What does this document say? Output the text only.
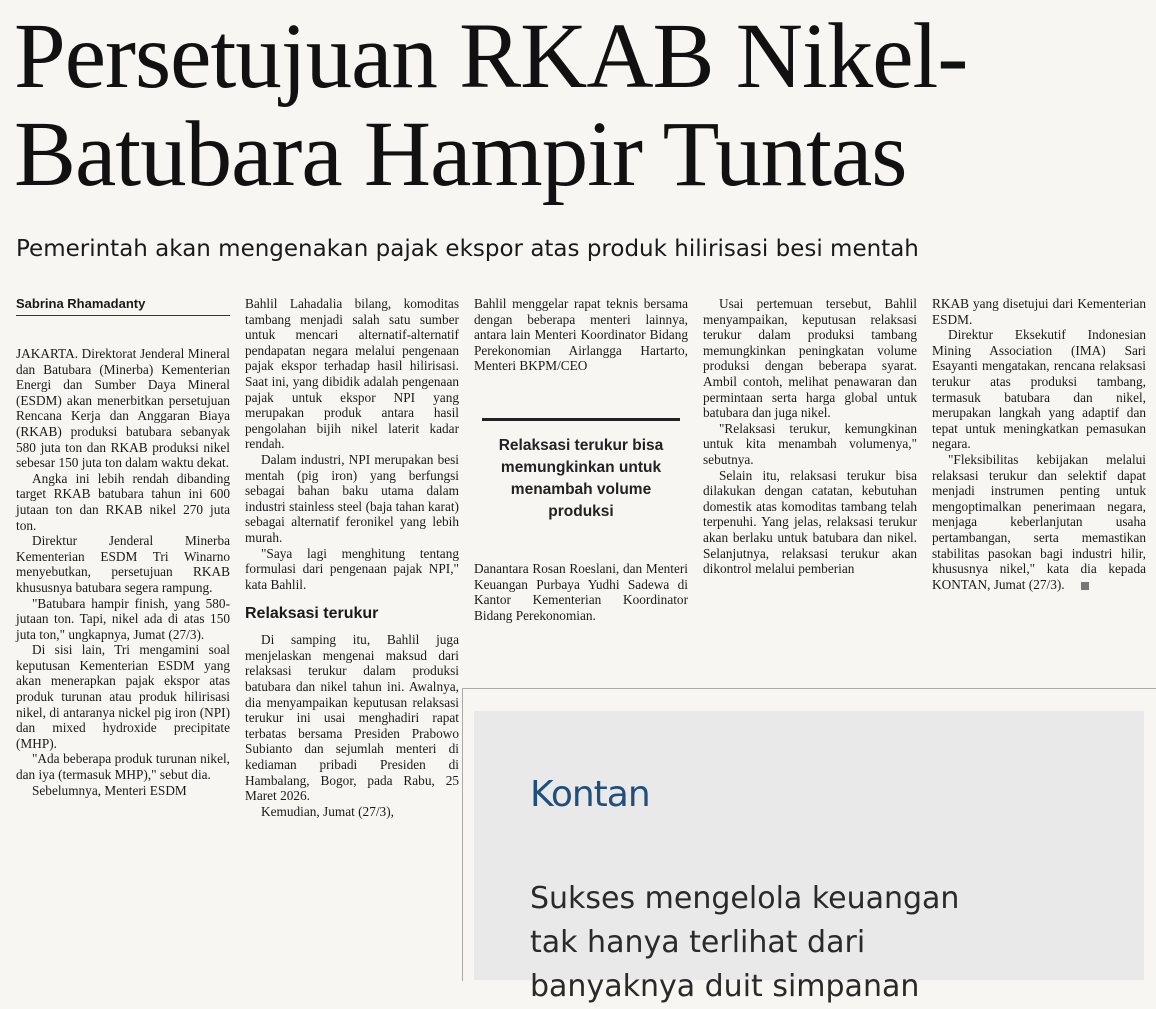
Persetujuan RKAB Nikel-
Batubara Hampir Tuntas
Pemerintah akan mengenakan pajak ekspor atas produk hilirisasi besi mentah
Sabrina Rhamadanty

JAKARTA. Direktorat Jenderal Mineral dan Batubara (Minerba) Kementerian Energi dan Sumber Daya Mineral (ESDM) akan menerbitkan persetujuan Rencana Kerja dan Anggaran Biaya (RKAB) produksi batubara sebanyak 580 juta ton dan RKAB produksi nikel sebesar 150 juta ton dalam waktu dekat.

Angka ini lebih rendah dibanding target RKAB batubara tahun ini 600 jutaan ton dan RKAB nikel 270 juta ton.

Direktur Jenderal Minerba Kementerian ESDM Tri Winarno menyebutkan, persetujuan RKAB khususnya batubara segera rampung.

"Batubara hampir finish, yang 580-jutaan ton. Tapi, nikel ada di atas 150 juta ton," ungkapnya, Jumat (27/3).

Di sisi lain, Tri mengamini soal keputusan Kementerian ESDM yang akan menerapkan pajak ekspor atas produk turunan atau produk hilirisasi nikel, di antaranya nickel pig iron (NPI) dan mixed hydroxide precipitate (MHP).

"Ada beberapa produk turunan nikel, dan iya (termasuk MHP)," sebut dia.

Sebelumnya, Menteri ESDM

Bahlil Lahadalia bilang, komoditas tambang menjadi salah satu sumber untuk mencari alternatif-alternatif pendapatan negara melalui pengenaan pajak ekspor terhadap hasil hilirisasi. Saat ini, yang dibidik adalah pengenaan pajak untuk ekspor NPI yang merupakan produk antara hasil pengolahan bijih nikel laterit kadar rendah.

Dalam industri, NPI merupakan besi mentah (pig iron) yang berfungsi sebagai bahan baku utama dalam industri stainless steel (baja tahan karat) sebagai alternatif feronikel yang lebih murah.

"Saya lagi menghitung tentang formulasi dari pengenaan pajak NPI," kata Bahlil.

Relaksasi terukur

Di samping itu, Bahlil juga menjelaskan mengenai maksud dari relaksasi terukur dalam produksi batubara dan nikel tahun ini. Awalnya, dia menyampaikan keputusan relaksasi terukur ini usai menghadiri rapat terbatas bersama Presiden Prabowo Subianto dan sejumlah menteri di kediaman pribadi Presiden di Hambalang, Bogor, pada Rabu, 25 Maret 2026.

Kemudian, Jumat (27/3),

Bahlil menggelar rapat teknis bersama dengan beberapa menteri lainnya, antara lain Menteri Koordinator Bidang Perekonomian Airlangga Hartarto, Menteri BKPM/CEO

Relaksasi terukur bisa memungkinkan untuk menambah volume produksi

Danantara Rosan Roeslani, dan Menteri Keuangan Purbaya Yudhi Sadewa di Kantor Kementerian Koordinator Bidang Perekonomian.

Usai pertemuan tersebut, Bahlil menyampaikan, keputusan relaksasi terukur dalam produksi tambang memungkinkan peningkatan volume produksi dengan beberapa syarat. Ambil contoh, melihat penawaran dan permintaan serta harga global untuk batubara dan juga nikel.

"Relaksasi terukur, kemungkinan untuk kita menambah volumenya," sebutnya.

Selain itu, relaksasi terukur bisa dilakukan dengan catatan, kebutuhan domestik atas komoditas tambang telah terpenuhi. Yang jelas, relaksasi terukur akan berlaku untuk batubara dan nikel. Selanjutnya, relaksasi terukur akan dikontrol melalui pemberian

RKAB yang disetujui dari Kementerian ESDM.

Direktur Eksekutif Indonesian Mining Association (IMA) Sari Esayanti mengatakan, rencana relaksasi terukur atas produksi tambang, termasuk batubara dan nikel, merupakan langkah yang adaptif dan tepat untuk meningkatkan pemasukan negara.

"Fleksibilitas kebijakan melalui relaksasi terukur dan selektif dapat menjadi instrumen penting untuk mengoptimalkan penerimaan negara, menjaga keberlanjutan usaha pertambangan, serta memastikan stabilitas pasokan bagi industri hilir, khususnya nikel," kata dia kepada KONTAN, Jumat (27/3).

Kontan
Sukses mengelola keuangan
tak hanya terlihat dari
banyaknya duit simpanan
